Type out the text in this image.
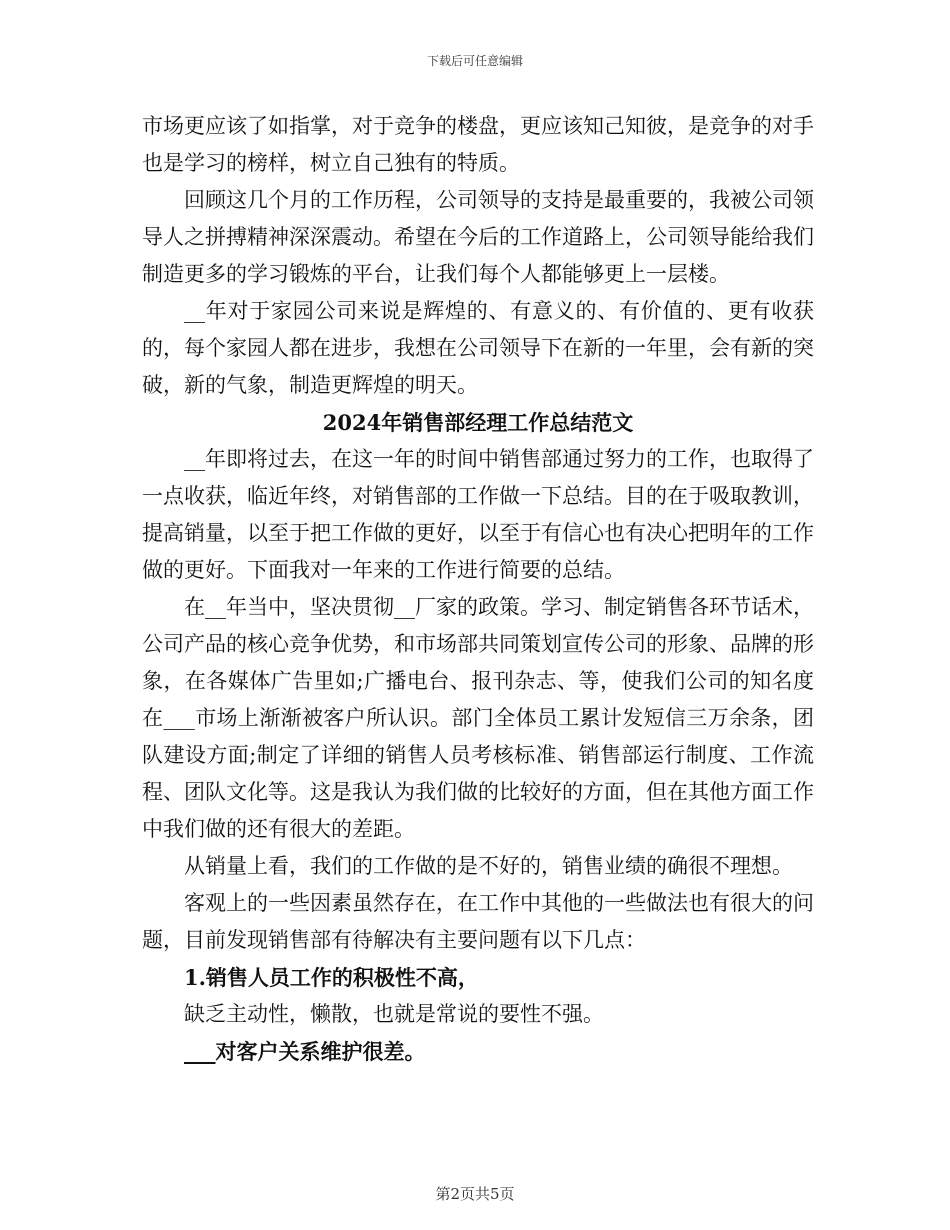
下载后可任意编辑

市场更应该了如指掌，对于竞争的楼盘，更应该知己知彼，是竞争的对手也是学习的榜样，树立自己独有的特质。

回顾这几个月的工作历程，公司领导的支持是最重要的，我被公司领导人之拼搏精神深深震动。希望在今后的工作道路上，公司领导能给我们制造更多的学习锻炼的平台，让我们每个人都能够更上一层楼。

__年对于家园公司来说是辉煌的、有意义的、有价值的、更有收获的，每个家园人都在进步，我想在公司领导下在新的一年里，会有新的突破，新的气象，制造更辉煌的明天。

2024年销售部经理工作总结范文

__年即将过去，在这一年的时间中销售部通过努力的工作，也取得了一点收获，临近年终，对销售部的工作做一下总结。目的在于吸取教训，提高销量，以至于把工作做的更好，以至于有信心也有决心把明年的工作做的更好。下面我对一年来的工作进行简要的总结。

在__年当中，坚决贯彻__厂家的政策。学习、制定销售各环节话术，公司产品的核心竞争优势，和市场部共同策划宣传公司的形象、品牌的形象，在各媒体广告里如;广播电台、报刊杂志、等，使我们公司的知名度在___市场上渐渐被客户所认识。部门全体员工累计发短信三万余条，团队建设方面;制定了详细的销售人员考核标准、销售部运行制度、工作流程、团队文化等。这是我认为我们做的比较好的方面，但在其他方面工作中我们做的还有很大的差距。

从销量上看，我们的工作做的是不好的，销售业绩的确很不理想。

客观上的一些因素虽然存在，在工作中其他的一些做法也有很大的问题，目前发现销售部有待解决有主要问题有以下几点：

1.销售人员工作的积极性不高，

缺乏主动性，懒散，也就是常说的要性不强。

___对客户关系维护很差。

第2页共5页
